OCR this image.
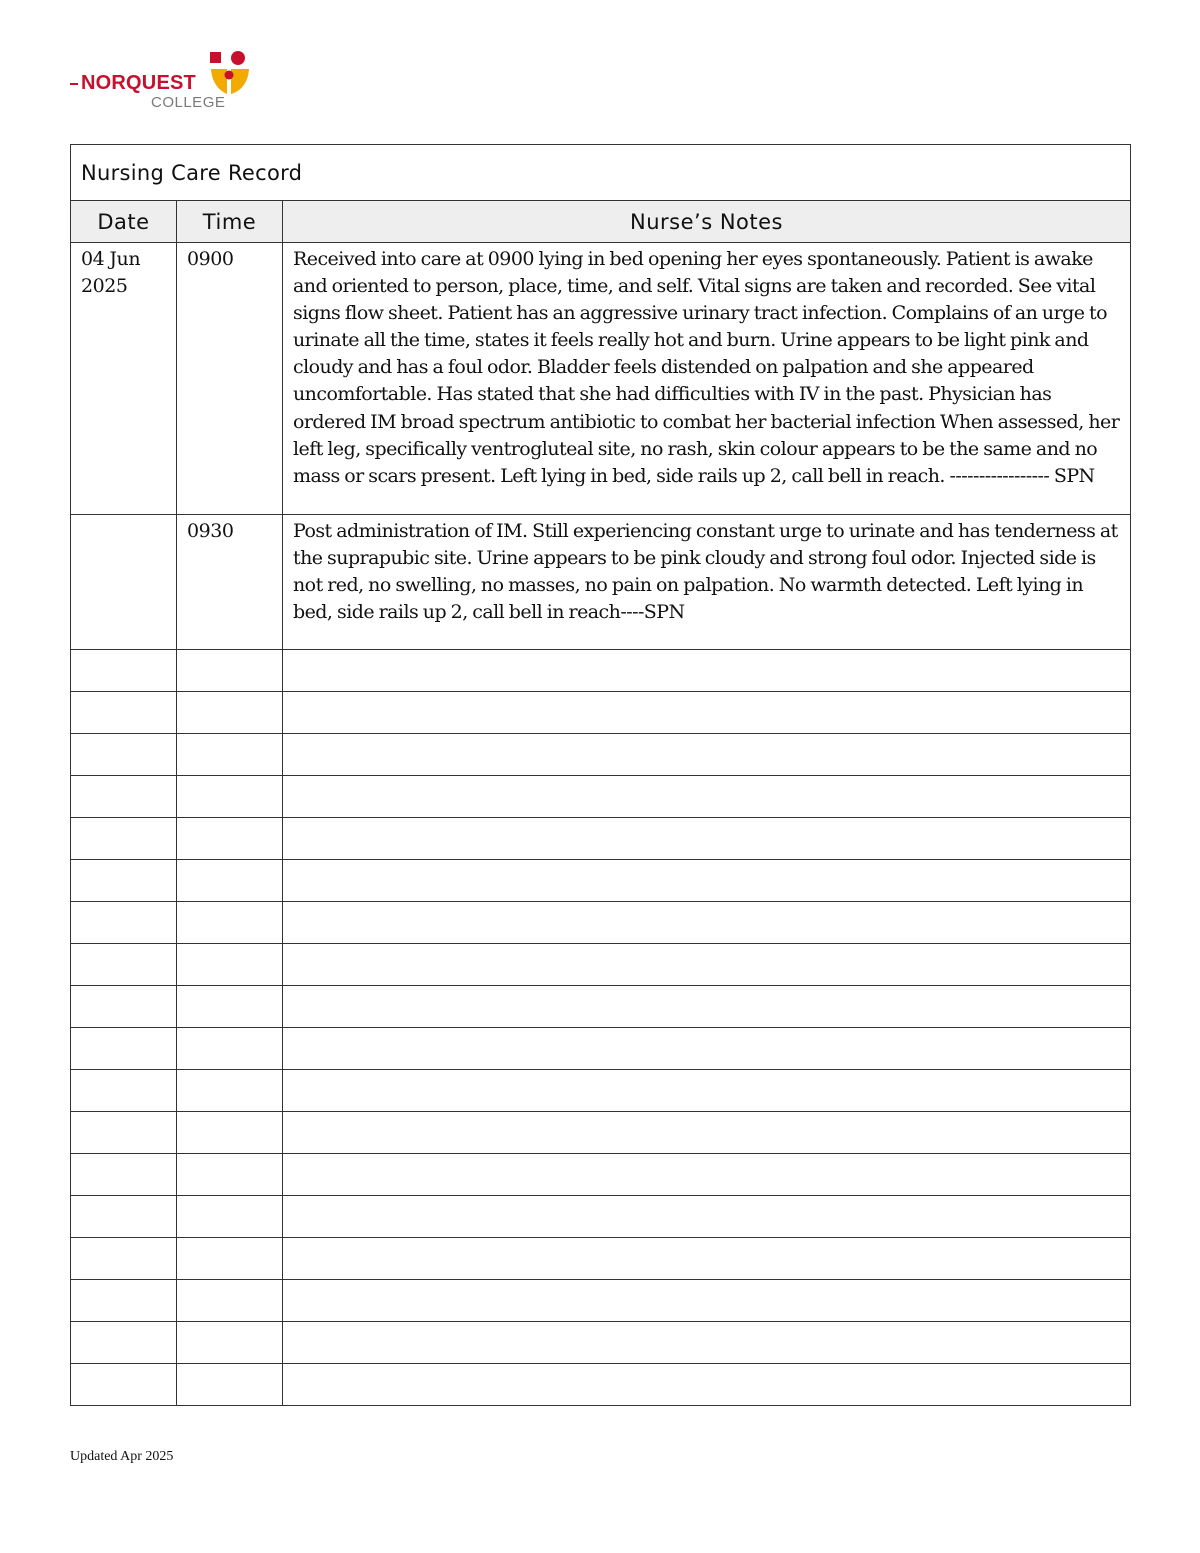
NORQUEST
COLLEGE
Nursing Care Record		
Date	Time	Nurse’s Notes

04 Jun 2025	0900	Received into care at 0900 lying in bed opening her eyes spontaneously. Patient is awake and oriented to person, place, time, and self. Vital signs are taken and recorded. See vital signs flow sheet. Patient has an aggressive urinary tract infection. Complains of an urge to urinate all the time, states it feels really hot and burn. Urine appears to be light pink and cloudy and has a foul odor. Bladder feels distended on palpation and she appeared uncomfortable. Has stated that she had difficulties with IV in the past. Physician has ordered IM broad spectrum antibiotic to combat her bacterial infection When assessed, her left leg, specifically ventrogluteal site, no rash, skin colour appears to be the same and no mass or scars present. Left lying in bed, side rails up 2, call bell in reach. ----------------- SPN

	0930	Post administration of IM. Still experiencing constant urge to urinate and has tenderness at the suprapubic site. Urine appears to be pink cloudy and strong foul odor. Injected side is not red, no swelling, no masses, no pain on palpation. No warmth detected. Left lying in bed, side rails up 2, call bell in reach----SPN

Updated Apr 2025
